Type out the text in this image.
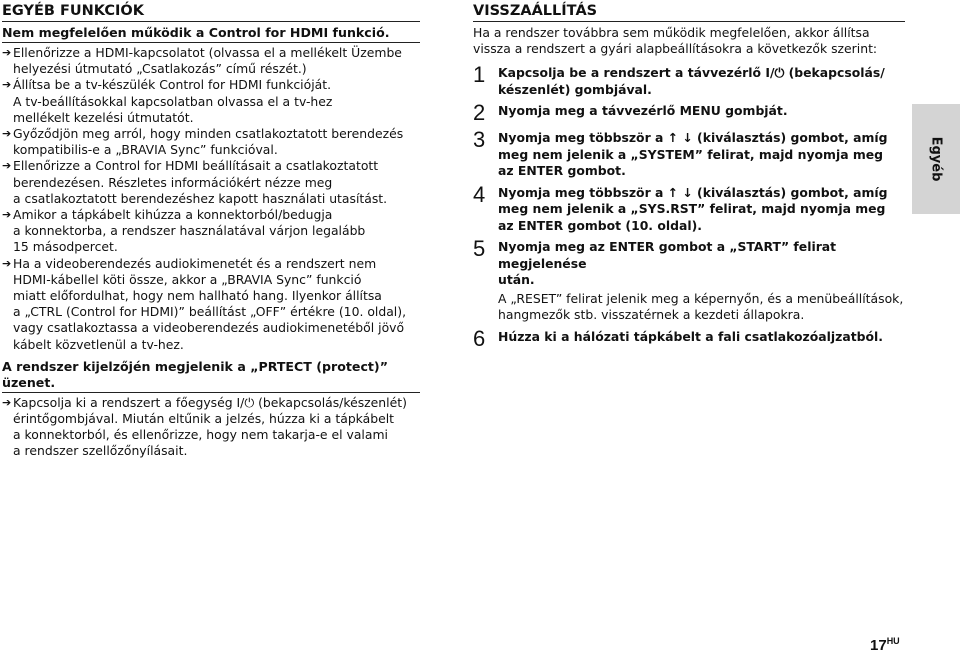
EGYÉB FUNKCIÓK
Nem megfelelően működik a Control for HDMI funkció.
➔ Ellenőrizze a HDMI-kapcsolatot (olvassa el a mellékelt Üzembe

helyezési útmutató „Csatlakozás” című részét.)

➔ Állítsa be a tv-készülék Control for HDMI funkcióját.

A tv-beállításokkal kapcsolatban olvassa el a tv-hez

mellékelt kezelési útmutatót.

➔ Győződjön meg arról, hogy minden csatlakoztatott berendezés

kompatibilis-e a „BRAVIA Sync” funkcióval.

➔ Ellenőrizze a Control for HDMI beállításait a csatlakoztatott

berendezésen. Részletes információkért nézze meg

a csatlakoztatott berendezéshez kapott használati utasítást.

➔ Amikor a tápkábelt kihúzza a konnektorból/bedugja

a konnektorba, a rendszer használatával várjon legalább

15 másodpercet.

➔ Ha a videoberendezés audiokimenetét és a rendszert nem

HDMI-kábellel köti össze, akkor a „BRAVIA Sync” funkció

miatt előfordulhat, hogy nem hallható hang. Ilyenkor állítsa

a „CTRL (Control for HDMI)” beállítást „OFF” értékre (10. oldal),

vagy csatlakoztassa a videoberendezés audiokimenetéből jövő

kábelt közvetlenül a tv-hez.

A rendszer kijelzőjén megjelenik a „PRTECT (protect)” üzenet.
➔ Kapcsolja ki a rendszert a főegység I/⏻ (bekapcsolás/készenlét)

érintőgombjával. Miután eltűnik a jelzés, húzza ki a tápkábelt

a konnektorból, és ellenőrizze, hogy nem takarja-e el valami

a rendszer szellőzőnyílásait.

VISSZAÁLLÍTÁS
Ha a rendszer továbbra sem működik megfelelően, akkor állítsa
vissza a rendszert a gyári alapbeállításokra a következők szerint:
1	Kapcsolja be a rendszert a távvezérlő I/⏻ (bekapcsolás/
készenlét) gombjával.
2	Nyomja meg a távvezérlő MENU gombját.
3	Nyomja meg többször a ↑ ↓ (kiválasztás) gombot, amíg
meg nem jelenik a „SYSTEM” felirat, majd nyomja meg
az ENTER gombot.
4	Nyomja meg többször a ↑ ↓ (kiválasztás) gombot, amíg
meg nem jelenik a „SYS.RST” felirat, majd nyomja meg
az ENTER gombot (10. oldal).
5	Nyomja meg az ENTER gombot a „START” felirat megjelenése
után.
A „RESET” felirat jelenik meg a képernyőn, és a menübeállítások,
hangmezők stb. visszatérnek a kezdeti állapokra.
6	Húzza ki a hálózati tápkábelt a fali csatlakozóaljzatból.
Egyéb
$17^{HU}$
